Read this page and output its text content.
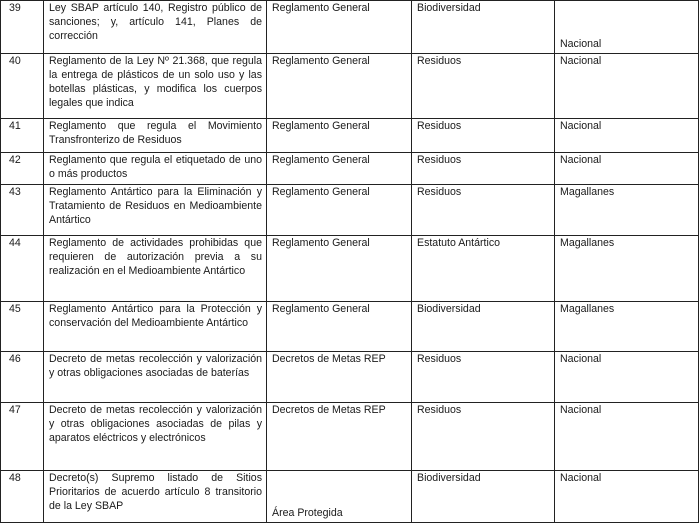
39	Ley SBAP artículo 140, Registro público de sanciones; y, artículo 141, Planes de corrección	Reglamento General	Biodiversidad	Nacional
40	Reglamento de la Ley Nº 21.368, que regula la entrega de plásticos de un solo uso y las botellas plásticas, y modifica los cuerpos legales que indica	Reglamento General	Residuos	Nacional
41	Reglamento que regula el Movimiento Transfronterizo de Residuos	Reglamento General	Residuos	Nacional
42	Reglamento que regula el etiquetado de uno o más productos	Reglamento General	Residuos	Nacional
43	Reglamento Antártico para la Eliminación y Tratamiento de Residuos en Medioambiente Antártico	Reglamento General	Residuos	Magallanes
44	Reglamento de actividades prohibidas que requieren de autorización previa a su realización en el Medioambiente Antártico	Reglamento General	Estatuto Antártico	Magallanes
45	Reglamento Antártico para la Protección y conservación del Medioambiente Antártico	Reglamento General	Biodiversidad	Magallanes
46	Decreto de metas recolección y valorización y otras obligaciones asociadas de baterías	Decretos de Metas REP	Residuos	Nacional
47	Decreto de metas recolección y valorización y otras obligaciones asociadas de pilas y aparatos eléctricos y electrónicos	Decretos de Metas REP	Residuos	Nacional
48	Decreto(s) Supremo listado de Sitios Prioritarios de acuerdo artículo 8 transitorio de la Ley SBAP	Área Protegida	Biodiversidad	Nacional
